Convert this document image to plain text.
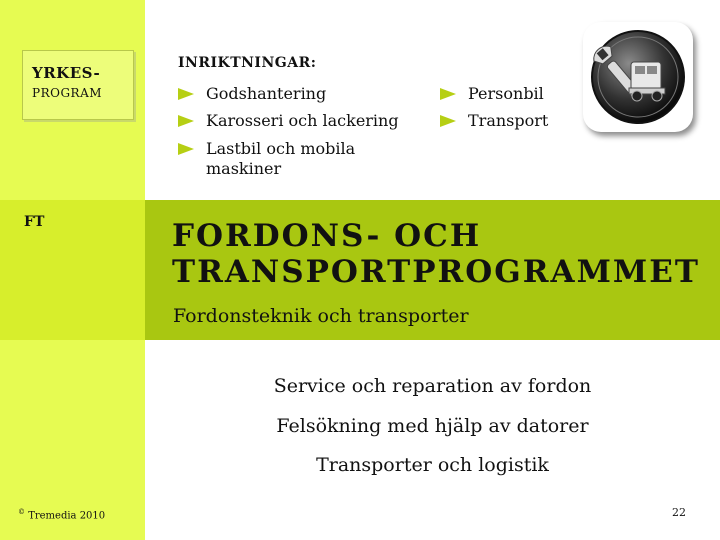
YRKES-
PROGRAM
FT
INRIKTNINGAR:
Godshantering
Karosseri och lackering
Lastbil och mobila maskiner
Personbil
Transport
FORDONS- OCH
TRANSPORTPROGRAMMET
Fordonsteknik och transporter
Service och reparation av fordon
Felsökning med hjälp av datorer
Transporter och logistik
© Tremedia 2010	22
